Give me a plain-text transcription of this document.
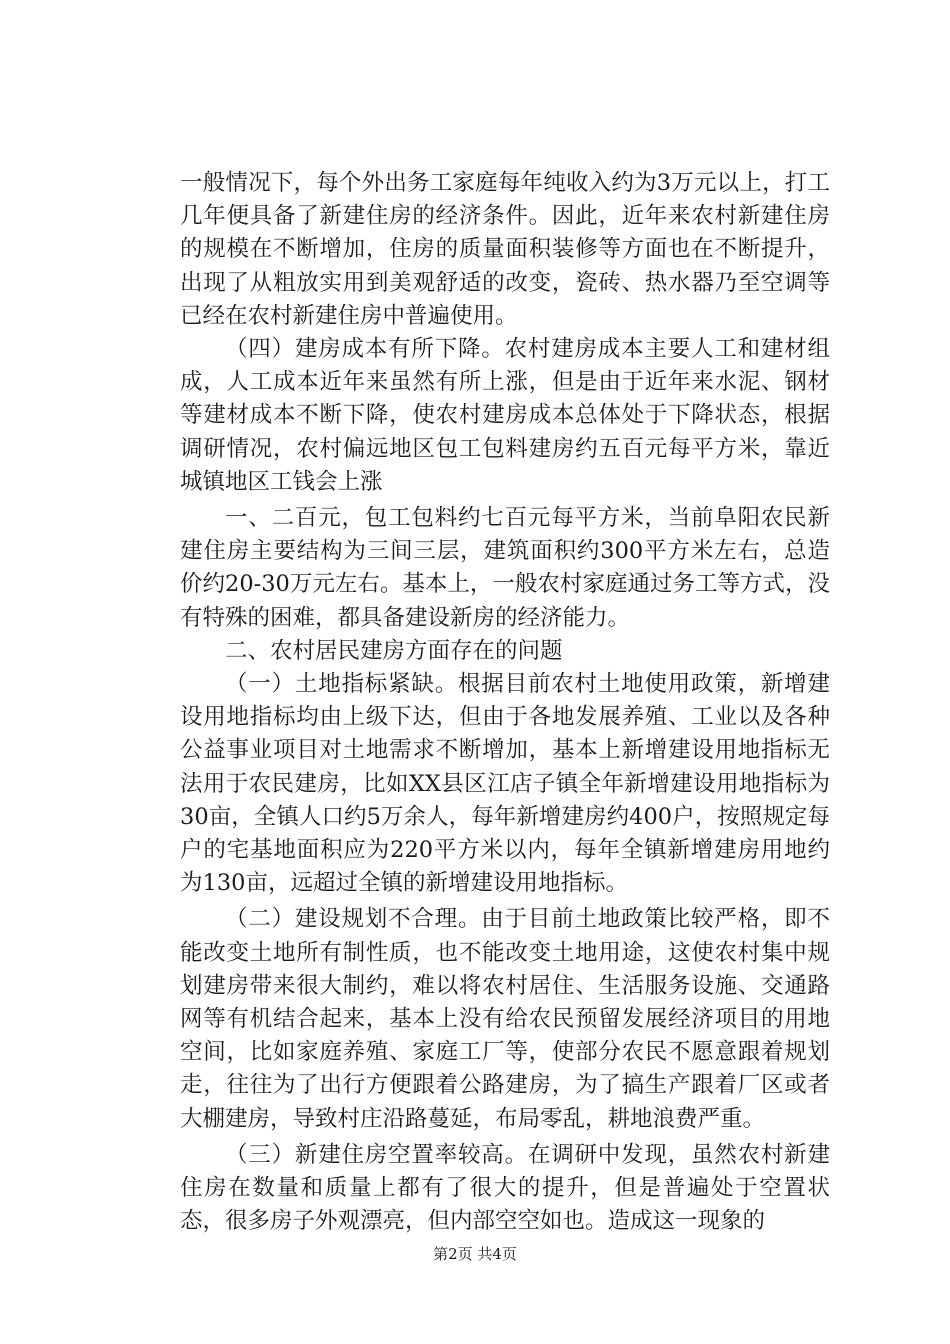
一般情况下，每个外出务工家庭每年纯收入约为3万元以上，打工几年便具备了新建住房的经济条件。因此，近年来农村新建住房的规模在不断增加，住房的质量面积装修等方面也在不断提升，出现了从粗放实用到美观舒适的改变，瓷砖、热水器乃至空调等已经在农村新建住房中普遍使用。

（四）建房成本有所下降。农村建房成本主要人工和建材组成，人工成本近年来虽然有所上涨，但是由于近年来水泥、钢材等建材成本不断下降，使农村建房成本总体处于下降状态，根据调研情况，农村偏远地区包工包料建房约五百元每平方米，靠近城镇地区工钱会上涨

一、二百元，包工包料约七百元每平方米，当前阜阳农民新建住房主要结构为三间三层，建筑面积约300平方米左右，总造价约20-30万元左右。基本上，一般农村家庭通过务工等方式，没有特殊的困难，都具备建设新房的经济能力。

二、农村居民建房方面存在的问题

（一）土地指标紧缺。根据目前农村土地使用政策，新增建设用地指标均由上级下达，但由于各地发展养殖、工业以及各种公益事业项目对土地需求不断增加，基本上新增建设用地指标无法用于农民建房，比如XX县区江店子镇全年新增建设用地指标为30亩，全镇人口约5万余人，每年新增建房约400户，按照规定每户的宅基地面积应为220平方米以内，每年全镇新增建房用地约为130亩，远超过全镇的新增建设用地指标。

（二）建设规划不合理。由于目前土地政策比较严格，即不能改变土地所有制性质，也不能改变土地用途，这使农村集中规划建房带来很大制约，难以将农村居住、生活服务设施、交通路网等有机结合起来，基本上没有给农民预留发展经济项目的用地空间，比如家庭养殖、家庭工厂等，使部分农民不愿意跟着规划走，往往为了出行方便跟着公路建房，为了搞生产跟着厂区或者大棚建房，导致村庄沿路蔓延，布局零乱，耕地浪费严重。

（三）新建住房空置率较高。在调研中发现，虽然农村新建住房在数量和质量上都有了很大的提升，但是普遍处于空置状态，很多房子外观漂亮，但内部空空如也。造成这一现象的

第2页 共4页
